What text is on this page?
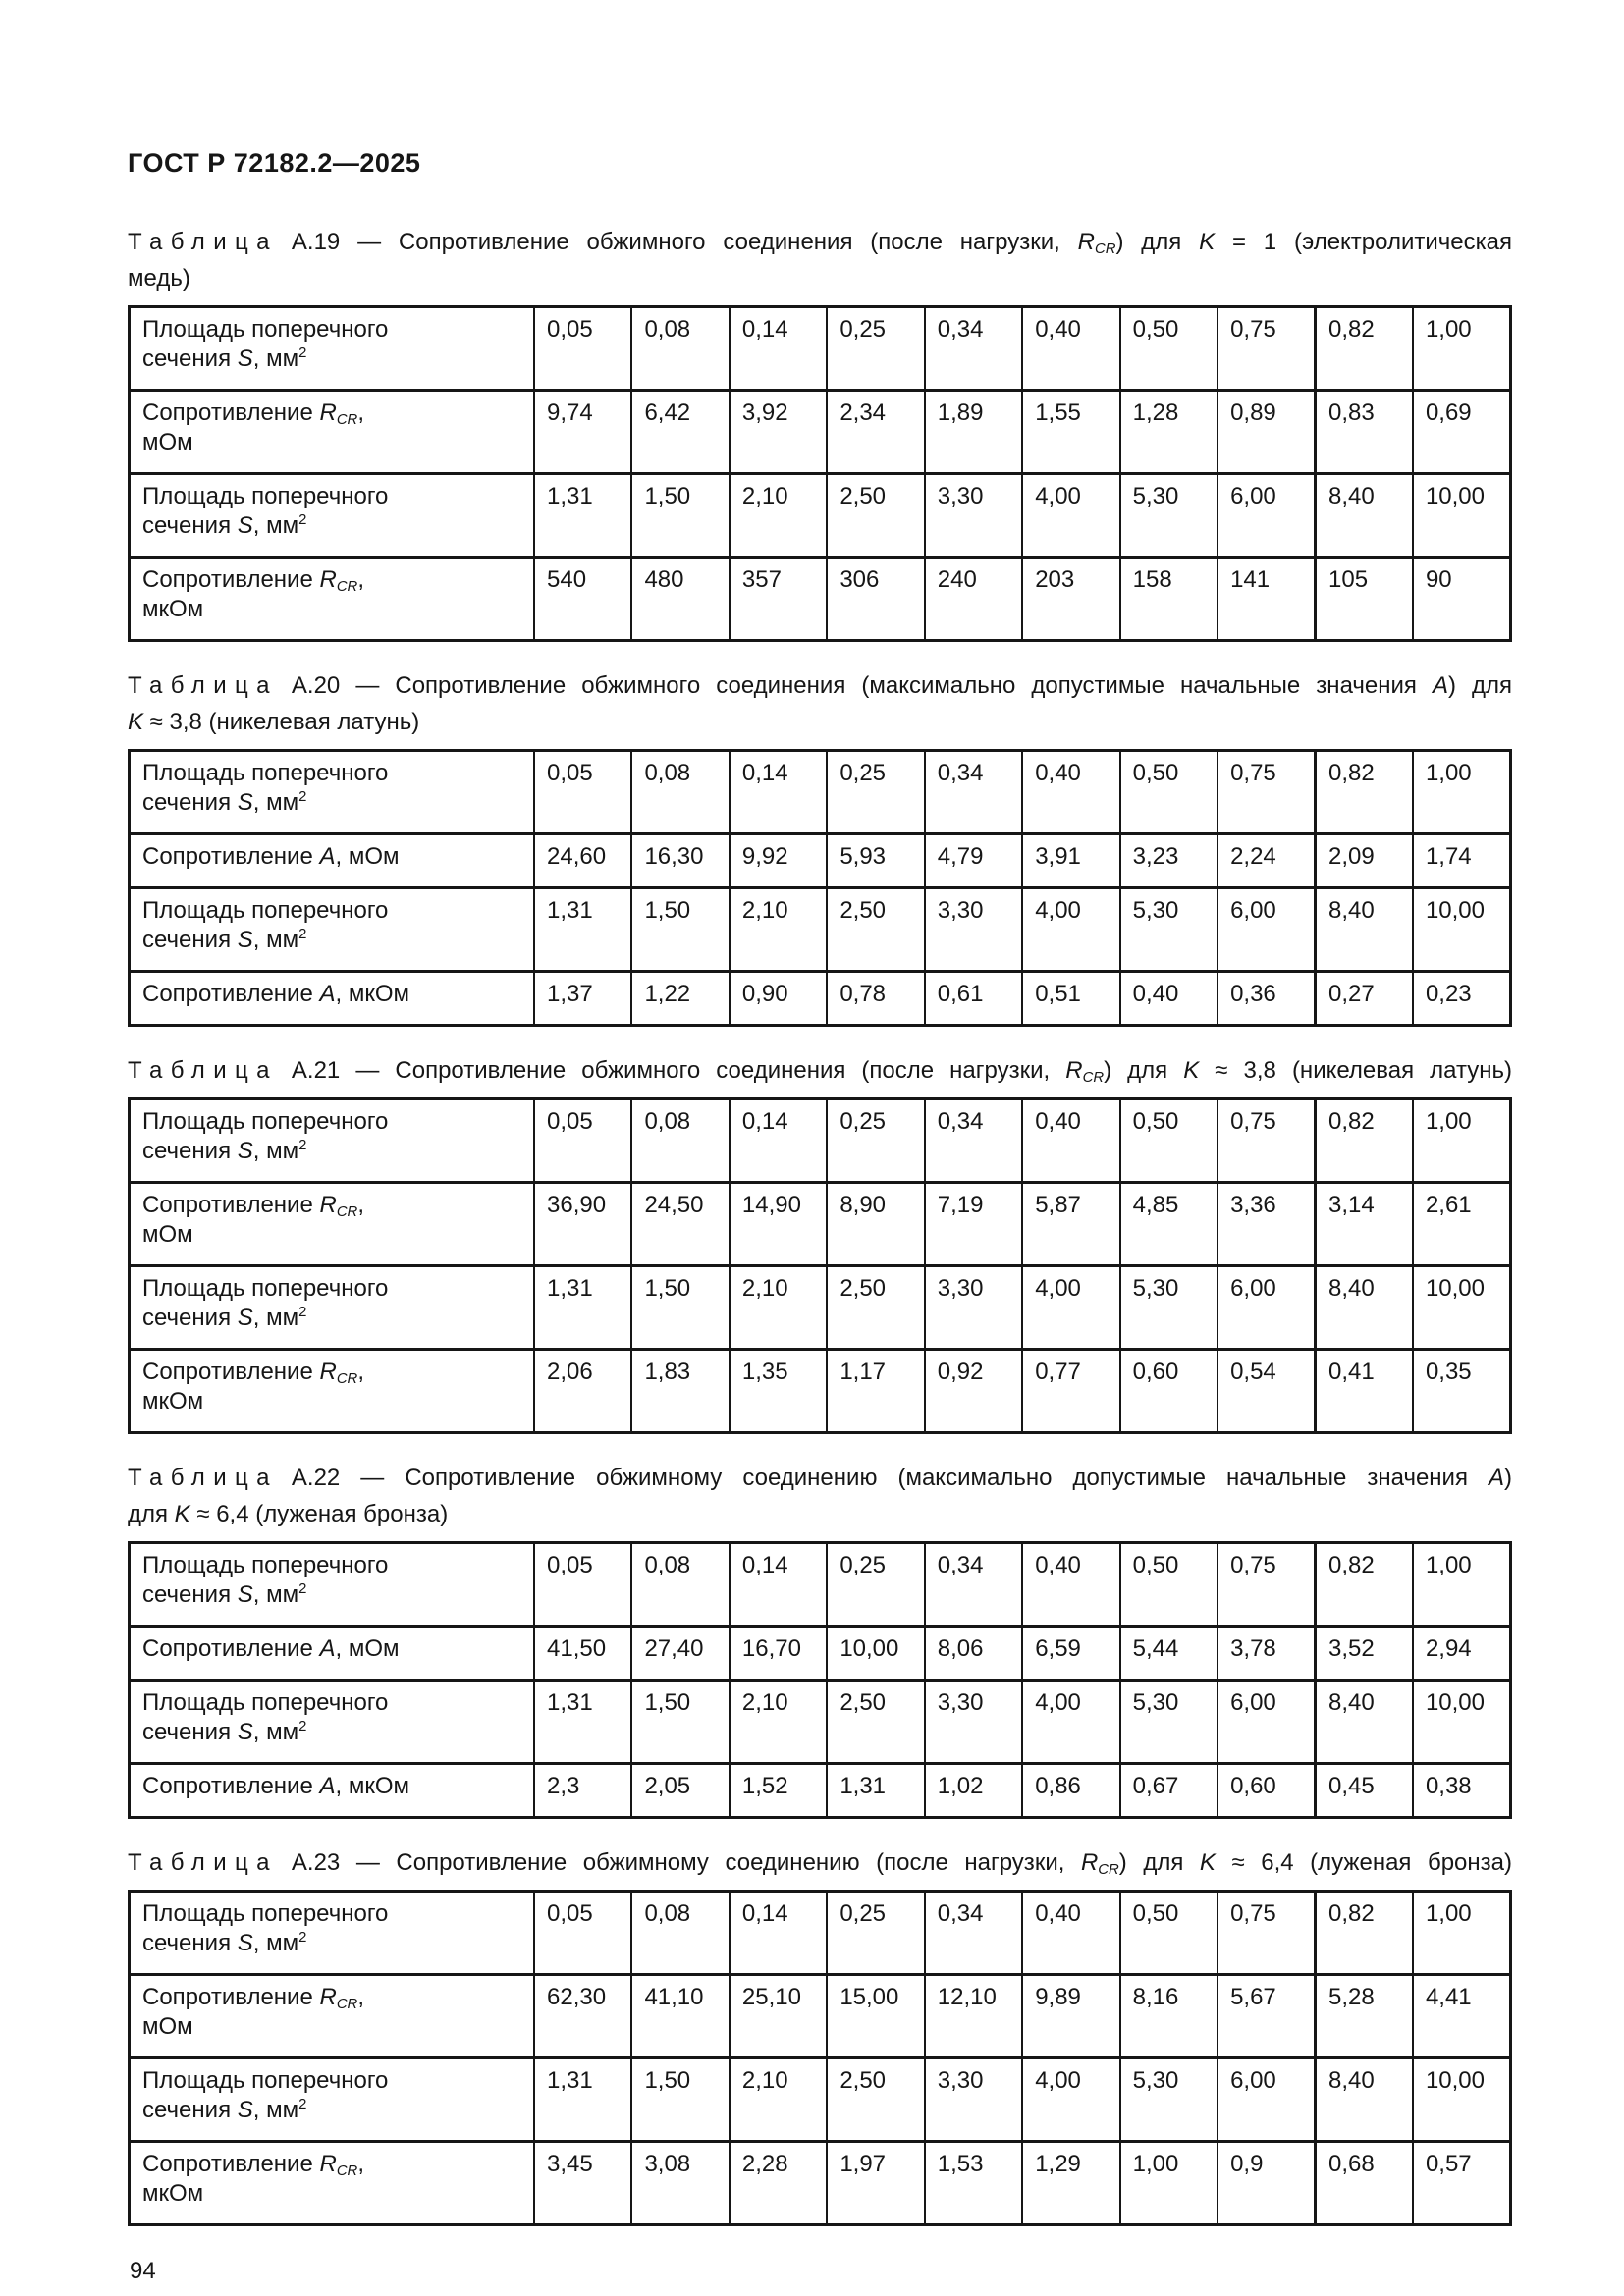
ГОСТ Р 72182.2—2025
Таблица А.19 — Сопротивление обжимного соединения (после нагрузки, $R_{CR}$) для K = 1 (электролитическая
медь)
Площадь поперечного
сечения S, $мм^2$	0,05	0,08	0,14	0,25	0,34	0,40	0,50	0,75	0,82	1,00
Сопротивление $R_{CR}$,
мОм	9,74	6,42	3,92	2,34	1,89	1,55	1,28	0,89	0,83	0,69
Площадь поперечного
сечения S, $мм^2$	1,31	1,50	2,10	2,50	3,30	4,00	5,30	6,00	8,40	10,00
Сопротивление $R_{CR}$,
мкОм	540	480	357	306	240	203	158	141	105	90
Таблица А.20 — Сопротивление обжимного соединения (максимально допустимые начальные значения А) для
K ≈ 3,8 (никелевая латунь)
Площадь поперечного
сечения S, $мм^2$	0,05	0,08	0,14	0,25	0,34	0,40	0,50	0,75	0,82	1,00
Сопротивление А, мОм	24,60	16,30	9,92	5,93	4,79	3,91	3,23	2,24	2,09	1,74
Площадь поперечного
сечения S, $мм^2$	1,31	1,50	2,10	2,50	3,30	4,00	5,30	6,00	8,40	10,00
Сопротивление А, мкОм	1,37	1,22	0,90	0,78	0,61	0,51	0,40	0,36	0,27	0,23
Таблица А.21 — Сопротивление обжимного соединения (после нагрузки, $R_{CR}$) для K ≈ 3,8 (никелевая латунь)
Площадь поперечного
сечения S, $мм^2$	0,05	0,08	0,14	0,25	0,34	0,40	0,50	0,75	0,82	1,00
Сопротивление $R_{CR}$,
мОм	36,90	24,50	14,90	8,90	7,19	5,87	4,85	3,36	3,14	2,61
Площадь поперечного
сечения S, $мм^2$	1,31	1,50	2,10	2,50	3,30	4,00	5,30	6,00	8,40	10,00
Сопротивление $R_{CR}$,
мкОм	2,06	1,83	1,35	1,17	0,92	0,77	0,60	0,54	0,41	0,35
Таблица А.22 — Сопротивление обжимному соединению (максимально допустимые начальные значения А)
для K ≈ 6,4 (луженая бронза)
Площадь поперечного
сечения S, $мм^2$	0,05	0,08	0,14	0,25	0,34	0,40	0,50	0,75	0,82	1,00
Сопротивление А, мОм	41,50	27,40	16,70	10,00	8,06	6,59	5,44	3,78	3,52	2,94
Площадь поперечного
сечения S, $мм^2$	1,31	1,50	2,10	2,50	3,30	4,00	5,30	6,00	8,40	10,00
Сопротивление А, мкОм	2,3	2,05	1,52	1,31	1,02	0,86	0,67	0,60	0,45	0,38
Таблица А.23 — Сопротивление обжимному соединению (после нагрузки, $R_{CR}$) для K ≈ 6,4 (луженая бронза)
Площадь поперечного
сечения S, $мм^2$	0,05	0,08	0,14	0,25	0,34	0,40	0,50	0,75	0,82	1,00
Сопротивление $R_{CR}$,
мОм	62,30	41,10	25,10	15,00	12,10	9,89	8,16	5,67	5,28	4,41
Площадь поперечного
сечения S, $мм^2$	1,31	1,50	2,10	2,50	3,30	4,00	5,30	6,00	8,40	10,00
Сопротивление $R_{CR}$,
мкОм	3,45	3,08	2,28	1,97	1,53	1,29	1,00	0,9	0,68	0,57
94
